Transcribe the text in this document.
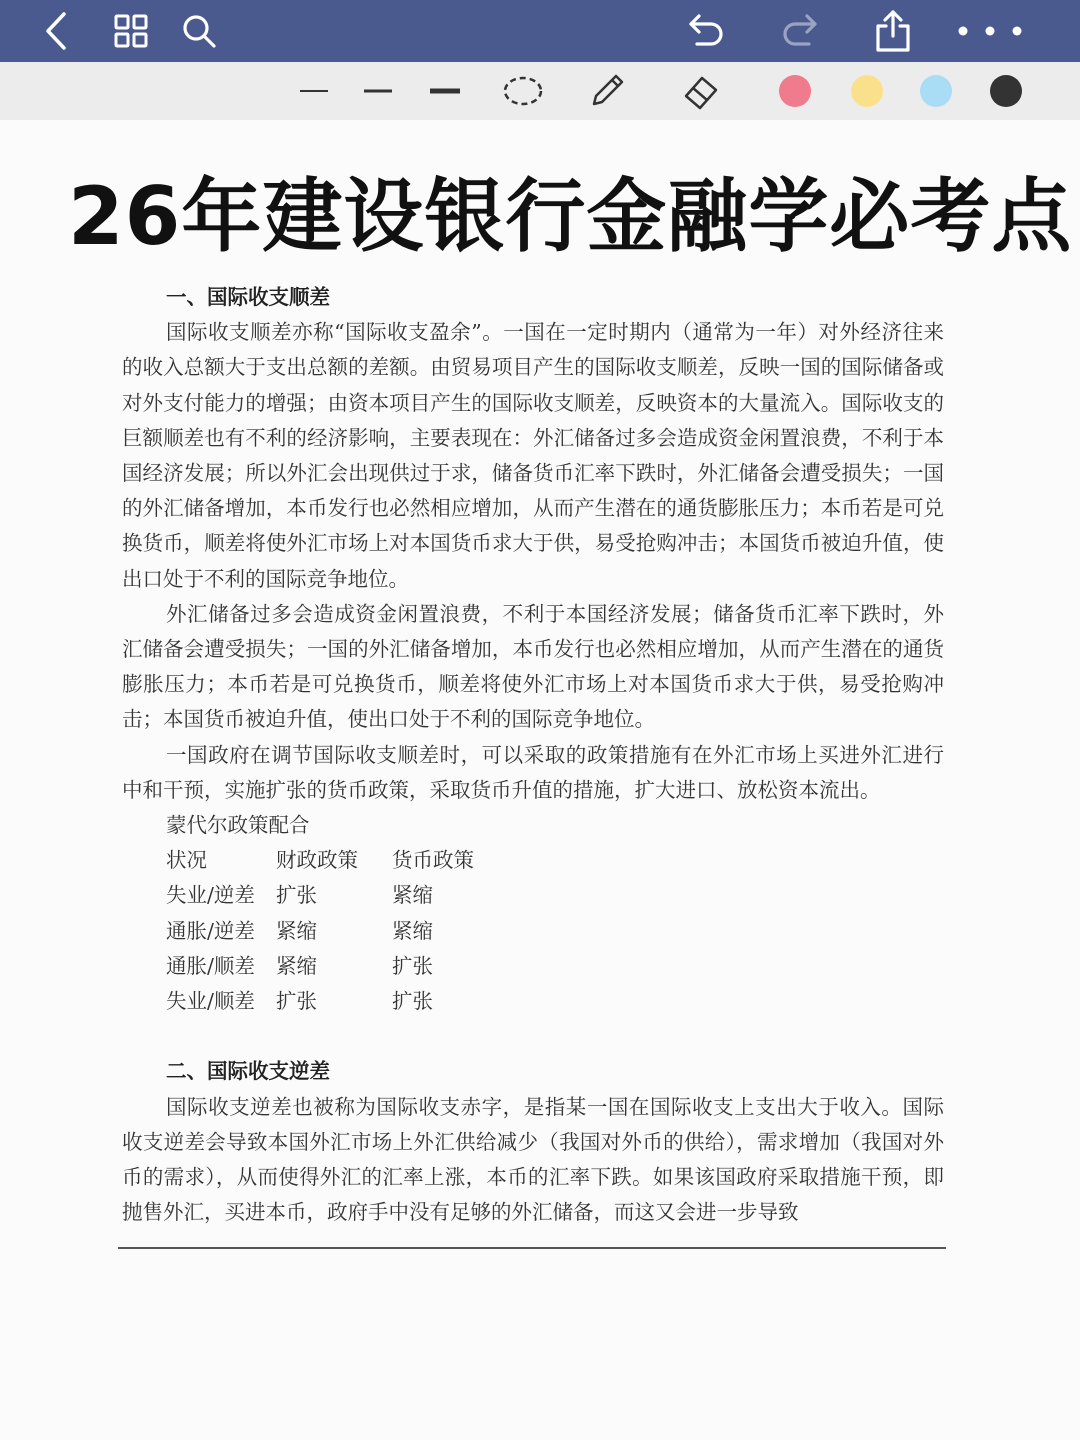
26年建设银行金融学必考点

一、国际收支顺差

国际收支顺差亦称“国际收支盈余”。一国在一定时期内（通常为一年）对外经济往来的收入总额大于支出总额的差额。由贸易项目产生的国际收支顺差，反映一国的国际储备或对外支付能力的增强；由资本项目产生的国际收支顺差，反映资本的大量流入。国际收支的巨额顺差也有不利的经济影响，主要表现在：外汇储备过多会造成资金闲置浪费，不利于本国经济发展；所以外汇会出现供过于求，储备货币汇率下跌时，外汇储备会遭受损失；一国的外汇储备增加，本币发行也必然相应增加，从而产生潜在的通货膨胀压力；本币若是可兑换货币，顺差将使外汇市场上对本国货币求大于供，易受抢购冲击；本国货币被迫升值，使出口处于不利的国际竞争地位。

外汇储备过多会造成资金闲置浪费，不利于本国经济发展；储备货币汇率下跌时，外汇储备会遭受损失；一国的外汇储备增加，本币发行也必然相应增加，从而产生潜在的通货膨胀压力；本币若是可兑换货币，顺差将使外汇市场上对本国货币求大于供，易受抢购冲击；本国货币被迫升值，使出口处于不利的国际竞争地位。

一国政府在调节国际收支顺差时，可以采取的政策措施有在外汇市场上买进外汇进行中和干预，实施扩张的货币政策，采取货币升值的措施，扩大进口、放松资本流出。

蒙代尔政策配合

状况	财政政策	货币政策
失业/逆差	扩张	紧缩
通胀/逆差	紧缩	紧缩
通胀/顺差	紧缩	扩张
失业/顺差	扩张	扩张

二、国际收支逆差

国际收支逆差也被称为国际收支赤字，是指某一国在国际收支上支出大于收入。国际收支逆差会导致本国外汇市场上外汇供给减少（我国对外币的供给），需求增加（我国对外币的需求），从而使得外汇的汇率上涨，本币的汇率下跌。如果该国政府采取措施干预，即抛售外汇，买进本币，政府手中没有足够的外汇储备，而这又会进一步导致
